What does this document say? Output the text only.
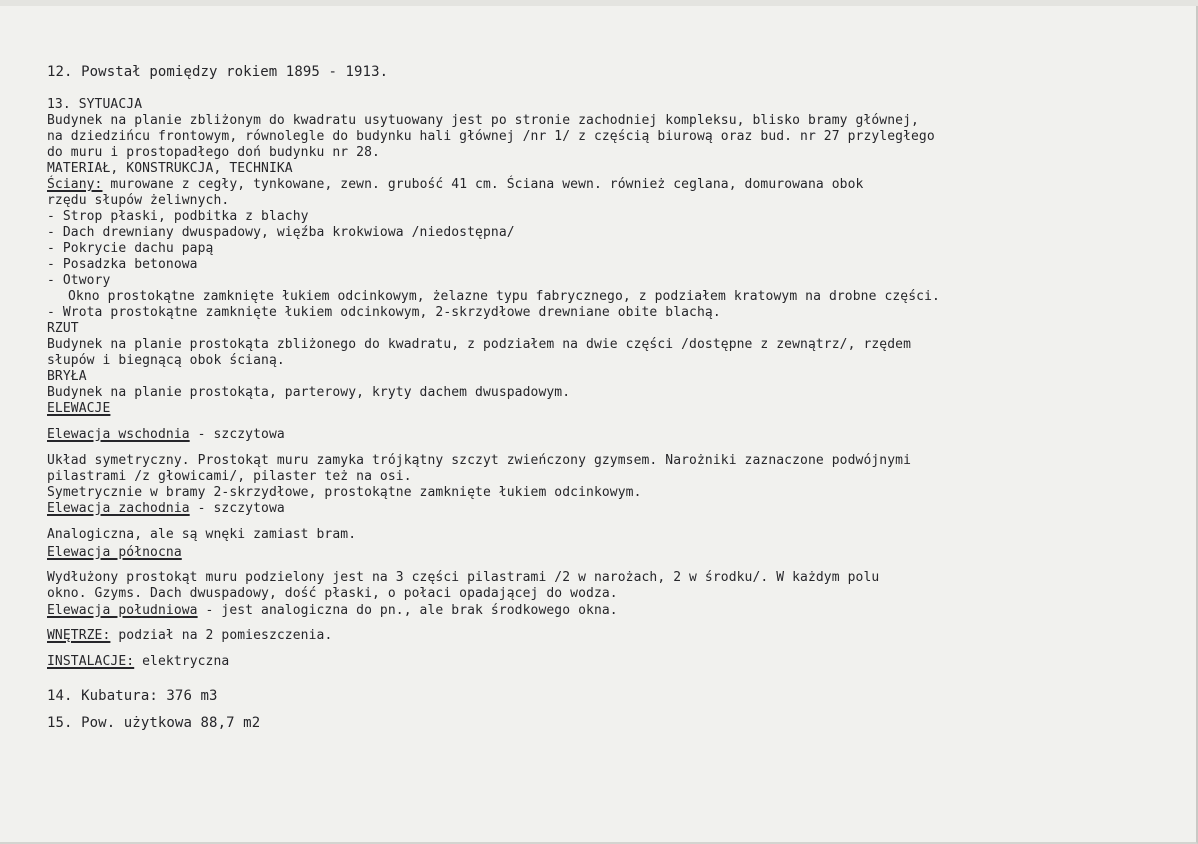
12. Powstał pomiędzy rokiem 1895 - 1913.
13. SYTUACJA
Budynek na planie zbliżonym do kwadratu usytuowany jest po stronie zachodniej kompleksu, blisko bramy głównej,
na dziedzińcu frontowym, równolegle do budynku hali głównej /nr 1/ z częścią biurową oraz bud. nr 27 przyległego
do muru i prostopadłego doń budynku nr 28.
MATERIAŁ, KONSTRUKCJA, TECHNIKA
Ściany: murowane z cegły, tynkowane, zewn. grubość 41 cm. Ściana wewn. również ceglana, domurowana obok
rzędu słupów żeliwnych.
- Strop płaski, podbitka z blachy
- Dach drewniany dwuspadowy, więźba krokwiowa /niedostępna/
- Pokrycie dachu papą
- Posadzka betonowa
- Otwory
Okno prostokątne zamknięte łukiem odcinkowym, żelazne typu fabrycznego, z podziałem kratowym na drobne części.
- Wrota prostokątne zamknięte łukiem odcinkowym, 2-skrzydłowe drewniane obite blachą.
RZUT
Budynek na planie prostokąta zbliżonego do kwadratu, z podziałem na dwie części /dostępne z zewnątrz/, rzędem
słupów i biegnącą obok ścianą.
BRYŁA
Budynek na planie prostokąta, parterowy, kryty dachem dwuspadowym.
ELEWACJE
Elewacja wschodnia - szczytowa
Układ symetryczny. Prostokąt muru zamyka trójkątny szczyt zwieńczony gzymsem. Narożniki zaznaczone podwójnymi
pilastrami /z głowicami/, pilaster też na osi.
Symetrycznie w bramy 2-skrzydłowe, prostokątne zamknięte łukiem odcinkowym.
Elewacja zachodnia - szczytowa
Analogiczna, ale są wnęki zamiast bram.
Elewacja północna
Wydłużony prostokąt muru podzielony jest na 3 części pilastrami /2 w narożach, 2 w środku/. W każdym polu
okno. Gzyms. Dach dwuspadowy, dość płaski, o połaci opadającej do wodza.
Elewacja południowa - jest analogiczna do pn., ale brak środkowego okna.
WNĘTRZE: podział na 2 pomieszczenia.
INSTALACJE: elektryczna
14. Kubatura: 376 m3
15. Pow. użytkowa 88,7 m2
